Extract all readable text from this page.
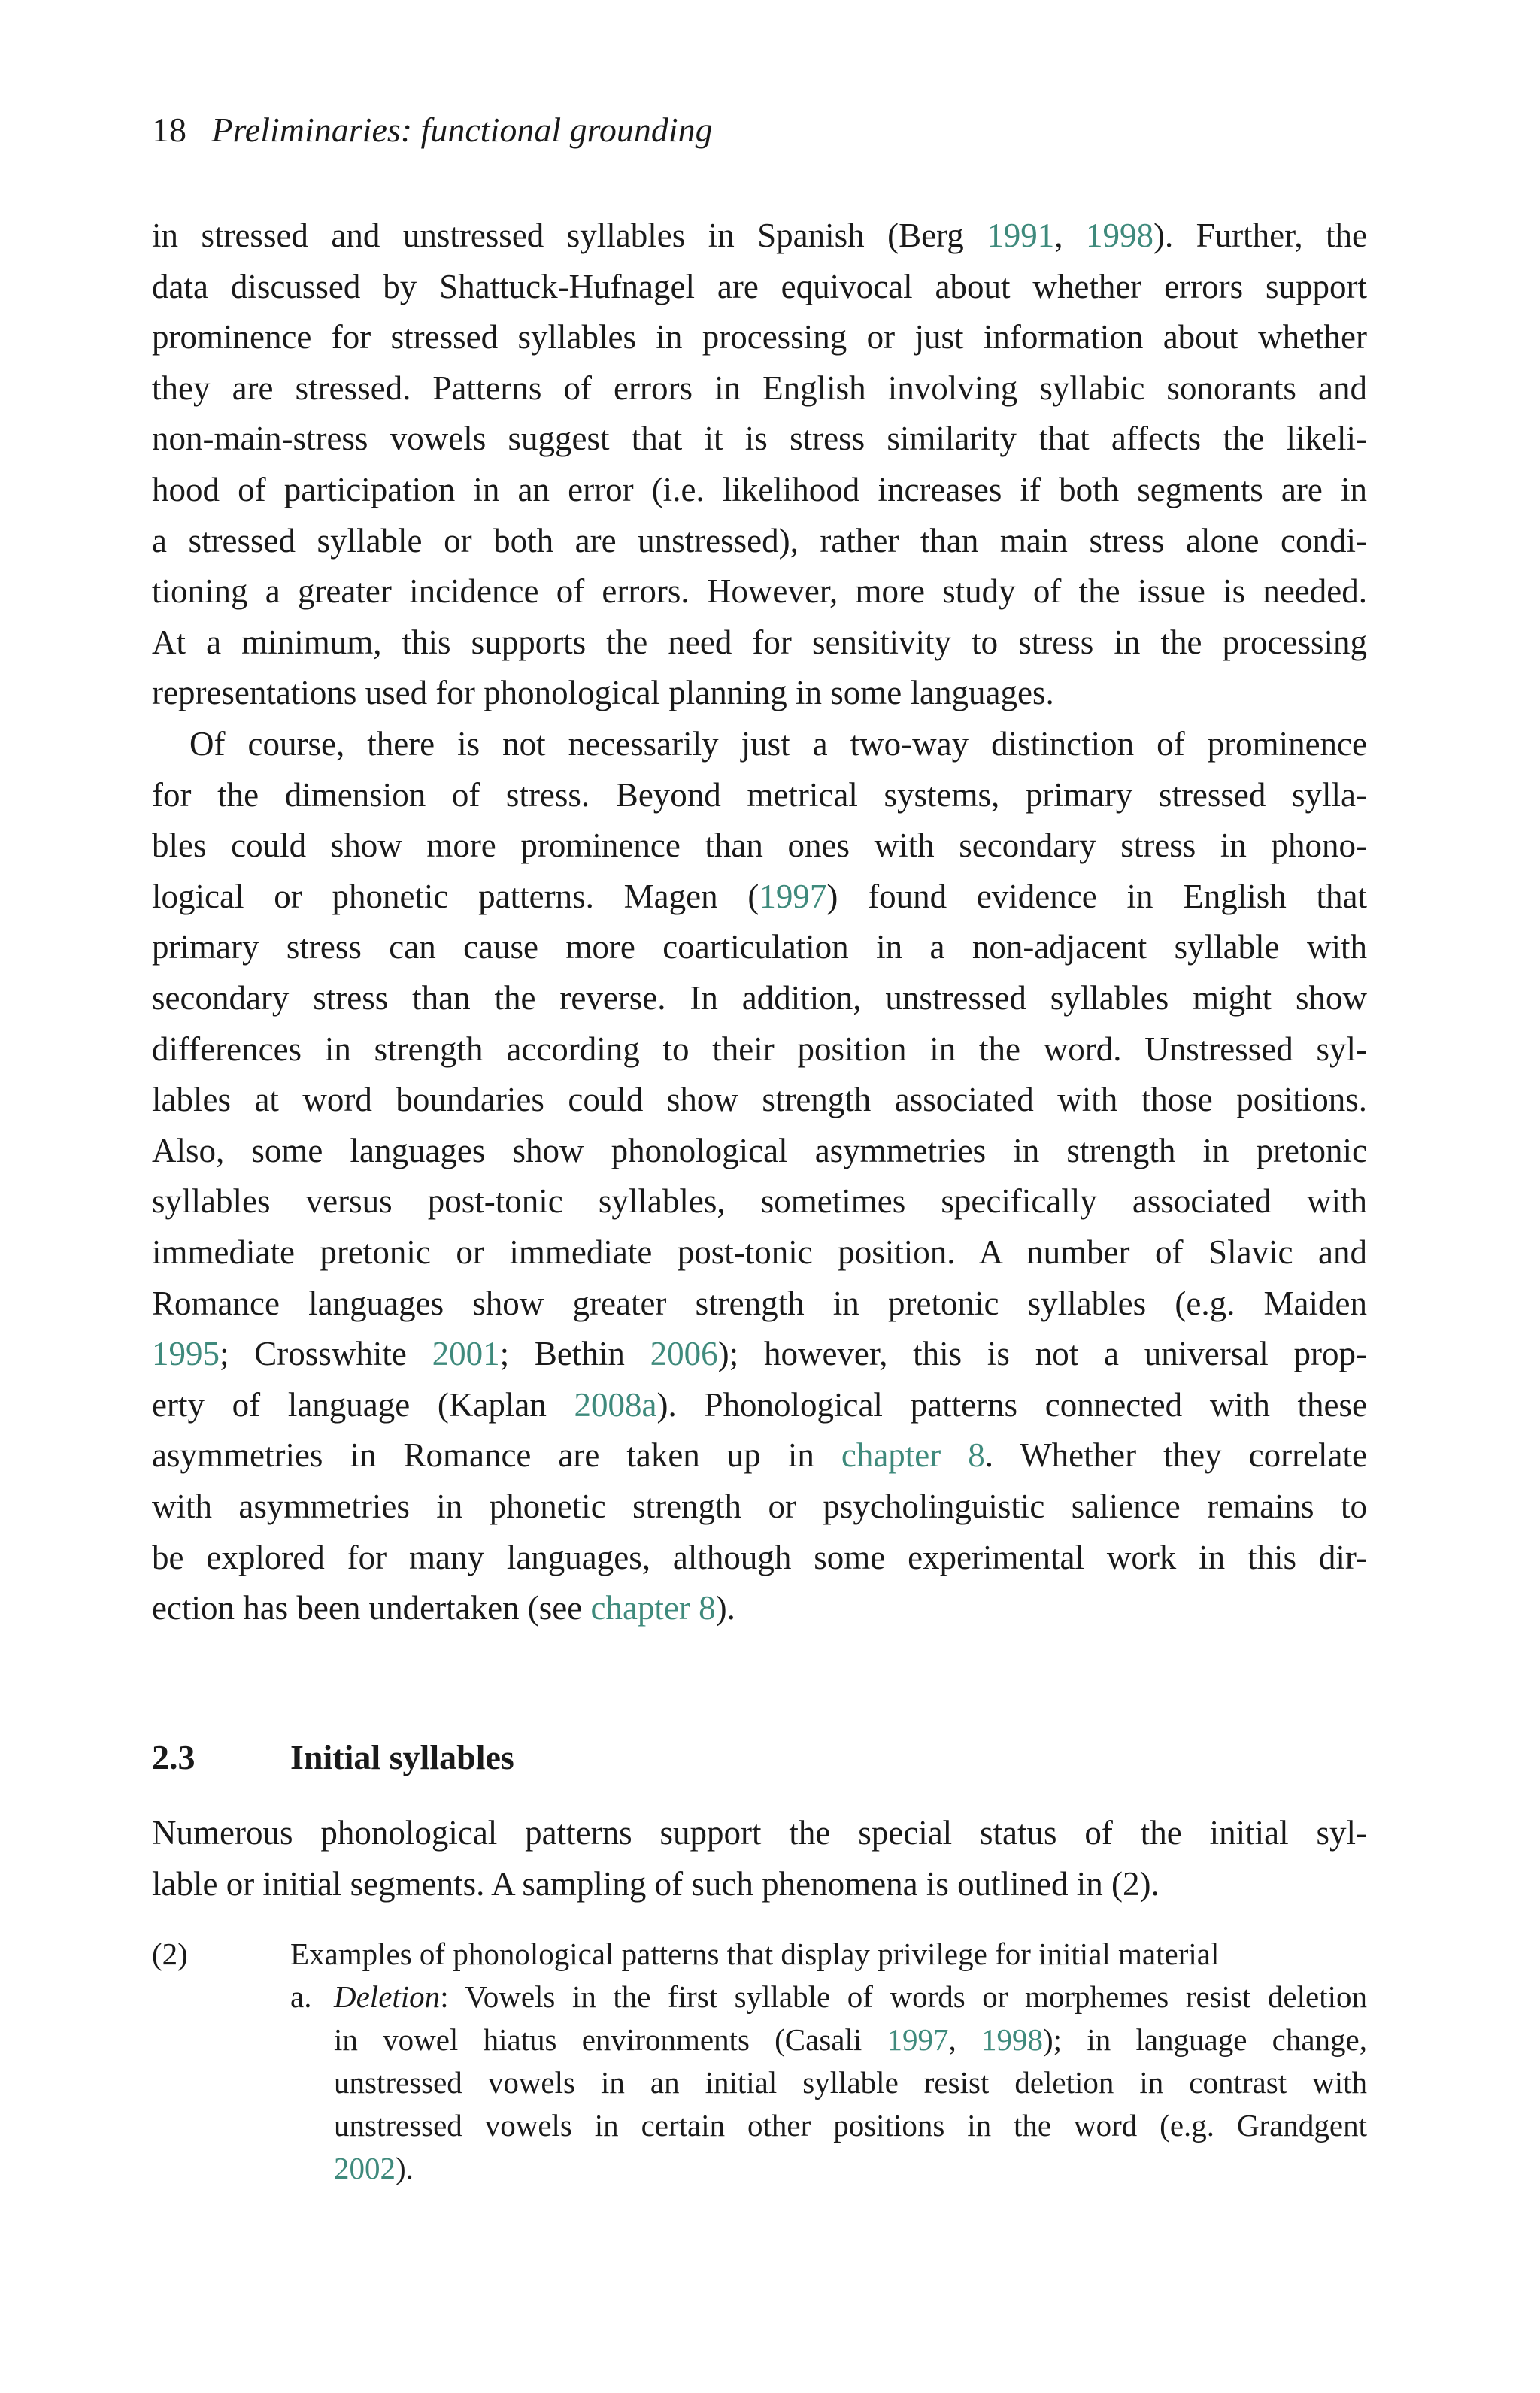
18 Preliminaries: functional grounding
in stressed and unstressed syllables in Spanish (Berg 1991, 1998). Further, the
data discussed by Shattuck-Hufnagel are equivocal about whether errors support
prominence for stressed syllables in processing or just information about whether
they are stressed. Patterns of errors in English involving syllabic sonorants and
non-main-stress vowels suggest that it is stress similarity that affects the likeli-
hood of participation in an error (i.e. likelihood increases if both segments are in
a stressed syllable or both are unstressed), rather than main stress alone condi-
tioning a greater incidence of errors. However, more study of the issue is needed.
At a minimum, this supports the need for sensitivity to stress in the processing
representations used for phonological planning in some languages.
Of course, there is not necessarily just a two-way distinction of prominence
for the dimension of stress. Beyond metrical systems, primary stressed sylla-
bles could show more prominence than ones with secondary stress in phono-
logical or phonetic patterns. Magen (1997) found evidence in English that
primary stress can cause more coarticulation in a non-adjacent syllable with
secondary stress than the reverse. In addition, unstressed syllables might show
differences in strength according to their position in the word. Unstressed syl-
lables at word boundaries could show strength associated with those positions.
Also, some languages show phonological asymmetries in strength in pretonic
syllables versus post-tonic syllables, sometimes specifically associated with
immediate pretonic or immediate post-tonic position. A number of Slavic and
Romance languages show greater strength in pretonic syllables (e.g. Maiden
1995; Crosswhite 2001; Bethin 2006); however, this is not a universal prop-
erty of language (Kaplan 2008a). Phonological patterns connected with these
asymmetries in Romance are taken up in chapter 8. Whether they correlate
with asymmetries in phonetic strength or psycholinguistic salience remains to
be explored for many languages, although some experimental work in this dir-
ection has been undertaken (see chapter 8).
2.3	Initial syllables
Numerous phonological patterns support the special status of the initial syl-
lable or initial segments. A sampling of such phenomena is outlined in (2).
(2)	Examples of phonological patterns that display privilege for initial material
a. Deletion: Vowels in the first syllable of words or morphemes resist deletion
in vowel hiatus environments (Casali 1997, 1998); in language change,
unstressed vowels in an initial syllable resist deletion in contrast with
unstressed vowels in certain other positions in the word (e.g. Grandgent
2002).
